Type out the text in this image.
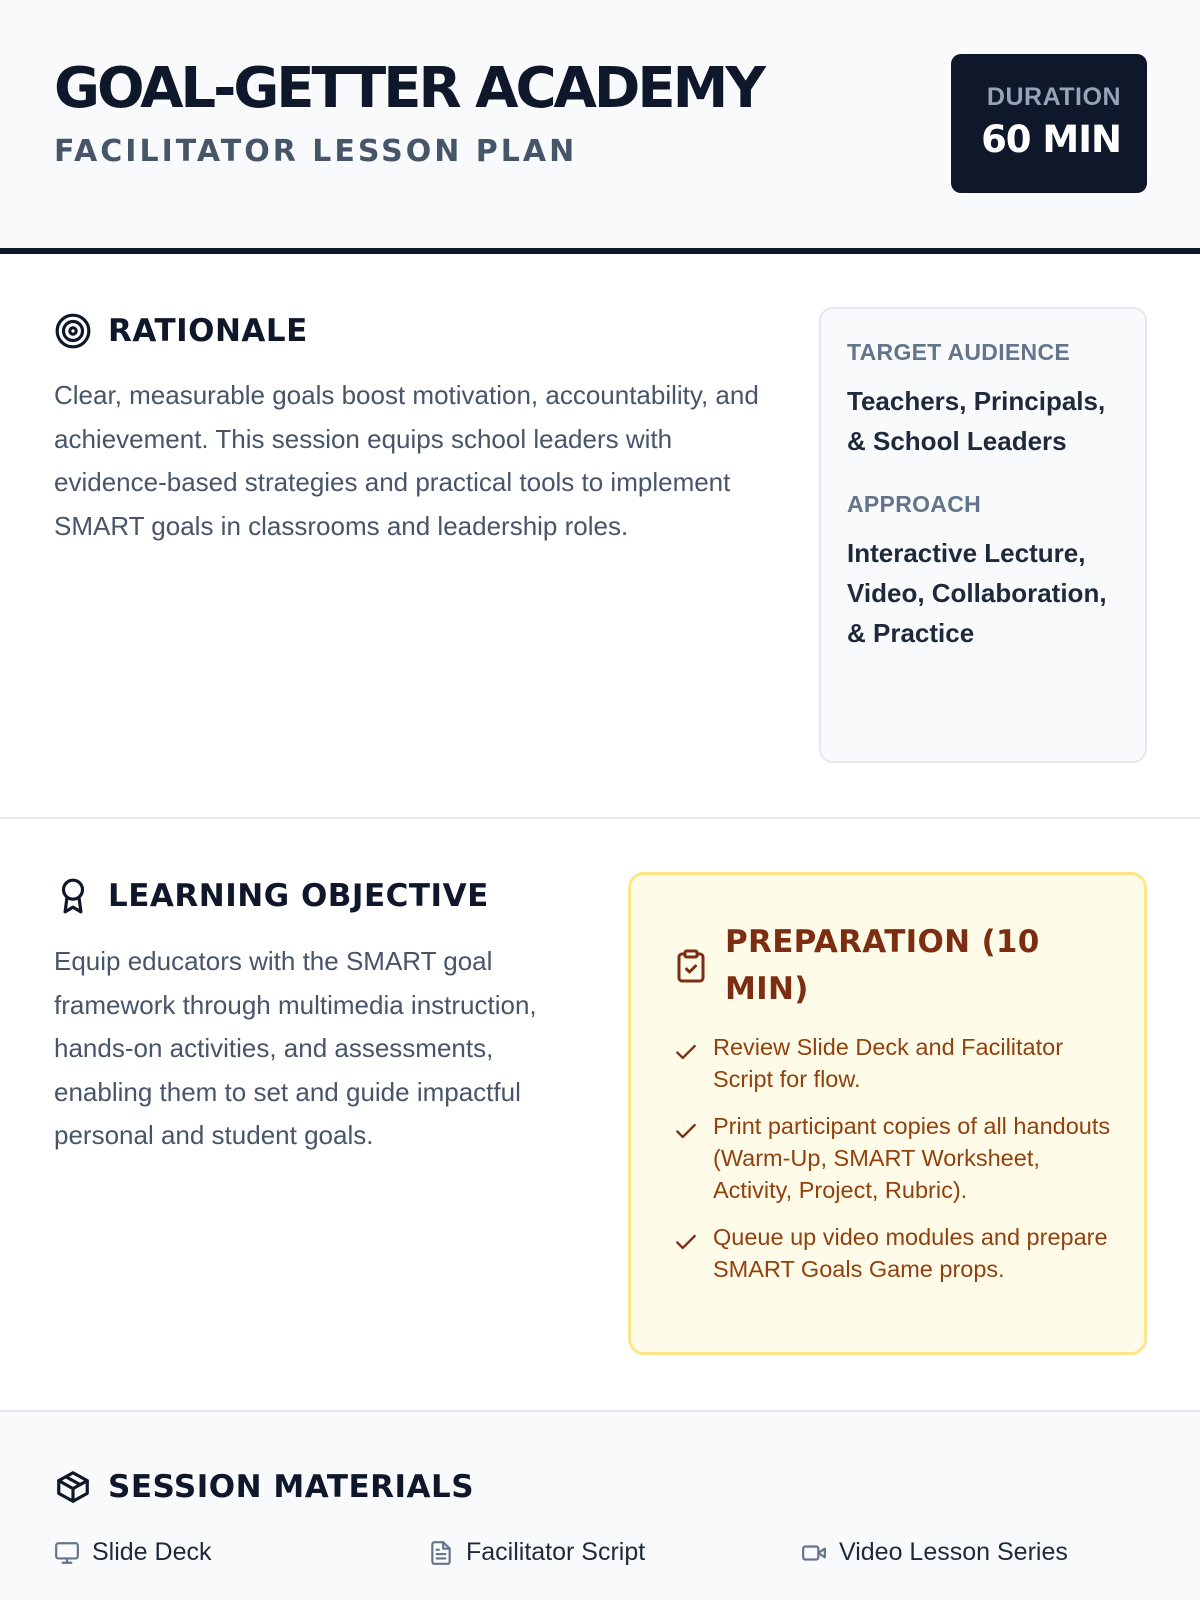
GOAL-GETTER ACADEMY
FACILITATOR LESSON PLAN
DURATION
60 MIN
RATIONALE

Clear, measurable goals boost motivation, accountability, and achievement. This session equips school leaders with evidence-based strategies and practical tools to implement SMART goals in classrooms and leadership roles.

TARGET AUDIENCE
Teachers, Principals, & School Leaders
APPROACH
Interactive Lecture, Video, Collaboration, & Practice
LEARNING OBJECTIVE

Equip educators with the SMART goal framework through multimedia instruction, hands-on activities, and assessments, enabling them to set and guide impactful personal and student goals.

PREPARATION (10 MIN)
Review Slide Deck and Facilitator Script for flow.
Print participant copies of all handouts (Warm-Up, SMART Worksheet, Activity, Project, Rubric).
Queue up video modules and prepare SMART Goals Game props.
SESSION MATERIALS
Slide Deck	Facilitator Script	Video Lesson Series
